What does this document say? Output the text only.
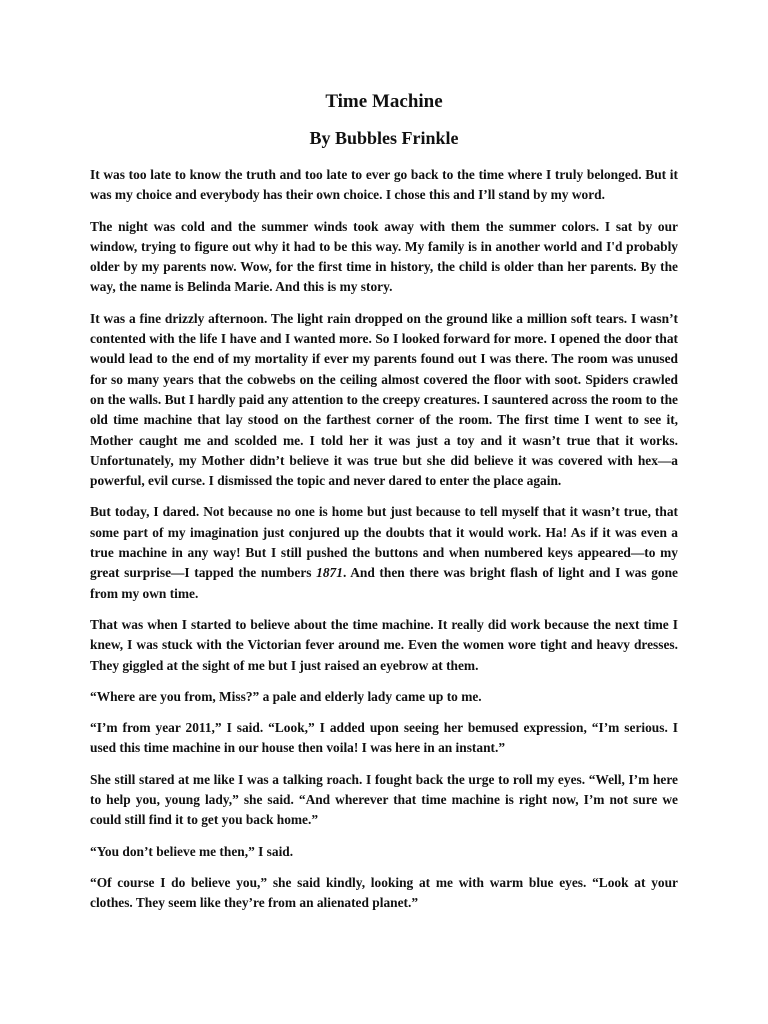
Time Machine
By Bubbles Frinkle

It was too late to know the truth and too late to ever go back to the time where I truly belonged. But it was my choice and everybody has their own choice. I chose this and I’ll stand by my word.

The night was cold and the summer winds took away with them the summer colors. I sat by our window, trying to figure out why it had to be this way. My family is in another world and I'd probably older by my parents now. Wow, for the first time in history, the child is older than her parents. By the way, the name is Belinda Marie. And this is my story.

It was a fine drizzly afternoon. The light rain dropped on the ground like a million soft tears. I wasn’t contented with the life I have and I wanted more. So I looked forward for more. I opened the door that would lead to the end of my mortality if ever my parents found out I was there. The room was unused for so many years that the cobwebs on the ceiling almost covered the floor with soot. Spiders crawled on the walls. But I hardly paid any attention to the creepy creatures. I sauntered across the room to the old time machine that lay stood on the farthest corner of the room. The first time I went to see it, Mother caught me and scolded me. I told her it was just a toy and it wasn’t true that it works. Unfortunately, my Mother didn’t believe it was true but she did believe it was covered with hex—a powerful, evil curse. I dismissed the topic and never dared to enter the place again.

But today, I dared. Not because no one is home but just because to tell myself that it wasn’t true, that some part of my imagination just conjured up the doubts that it would work. Ha! As if it was even a true machine in any way! But I still pushed the buttons and when numbered keys appeared—to my great surprise—I tapped the numbers 1871. And then there was bright flash of light and I was gone from my own time.

That was when I started to believe about the time machine. It really did work because the next time I knew, I was stuck with the Victorian fever around me. Even the women wore tight and heavy dresses. They giggled at the sight of me but I just raised an eyebrow at them.

“Where are you from, Miss?” a pale and elderly lady came up to me.

“I’m from year 2011,” I said. “Look,” I added upon seeing her bemused expression, “I’m serious. I used this time machine in our house then voila! I was here in an instant.”

She still stared at me like I was a talking roach. I fought back the urge to roll my eyes. “Well, I’m here to help you, young lady,” she said. “And wherever that time machine is right now, I’m not sure we could still find it to get you back home.”

“You don’t believe me then,” I said.

“Of course I do believe you,” she said kindly, looking at me with warm blue eyes. “Look at your clothes. They seem like they’re from an alienated planet.”
